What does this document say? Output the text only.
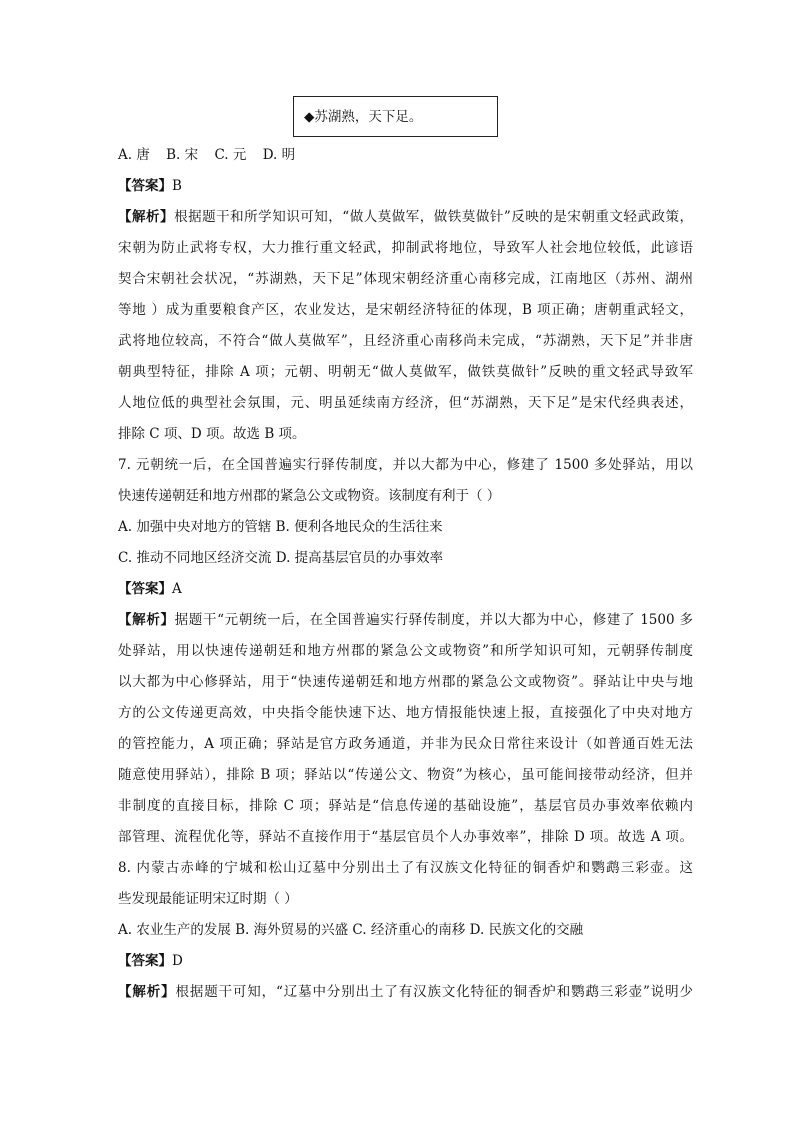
◆苏湖熟，天下足。
A. 唐 B. 宋 C. 元 D. 明
【答案】B
【解析】根据题干和所学知识可知，“做人莫做军，做铁莫做针”反映的是宋朝重文轻武政策，
宋朝为防止武将专权，大力推行重文轻武，抑制武将地位，导致军人社会地位较低，此谚语
契合宋朝社会状况，“苏湖熟，天下足”体现宋朝经济重心南移完成，江南地区（苏州、湖州
等地 ）成为重要粮食产区，农业发达，是宋朝经济特征的体现，B 项正确；唐朝重武轻文，
武将地位较高，不符合“做人莫做军”，且经济重心南移尚未完成，“苏湖熟，天下足”并非唐
朝典型特征，排除 A 项；元朝、明朝无“做人莫做军，做铁莫做针”反映的重文轻武导致军
人地位低的典型社会氛围，元、明虽延续南方经济，但“苏湖熟，天下足”是宋代经典表述，
排除 C 项、D 项。故选 B 项。
7. 元朝统一后，在全国普遍实行驿传制度，并以大都为中心，修建了 1500 多处驿站，用以
快速传递朝廷和地方州郡的紧急公文或物资。该制度有利于（ ）
A. 加强中央对地方的管辖 B. 便利各地民众的生活往来
C. 推动不同地区经济交流 D. 提高基层官员的办事效率
【答案】A
【解析】据题干“元朝统一后，在全国普遍实行驿传制度，并以大都为中心，修建了 1500 多
处驿站，用以快速传递朝廷和地方州郡的紧急公文或物资”和所学知识可知，元朝驿传制度
以大都为中心修驿站，用于“快速传递朝廷和地方州郡的紧急公文或物资”。驿站让中央与地
方的公文传递更高效，中央指令能快速下达、地方情报能快速上报，直接强化了中央对地方
的管控能力，A 项正确；驿站是官方政务通道，并非为民众日常往来设计（如普通百姓无法
随意使用驿站），排除 B 项；驿站以“传递公文、物资”为核心，虽可能间接带动经济，但并
非制度的直接目标，排除 C 项；驿站是“信息传递的基础设施”，基层官员办事效率依赖内
部管理、流程优化等，驿站不直接作用于“基层官员个人办事效率”，排除 D 项。故选 A 项。
8. 内蒙古赤峰的宁城和松山辽墓中分别出土了有汉族文化特征的铜香炉和鹦鹉三彩壶。这
些发现最能证明宋辽时期（ ）
A. 农业生产的发展 B. 海外贸易的兴盛 C. 经济重心的南移 D. 民族文化的交融
【答案】D
【解析】根据题干可知，“辽墓中分别出土了有汉族文化特征的铜香炉和鹦鹉三彩壶”说明少
